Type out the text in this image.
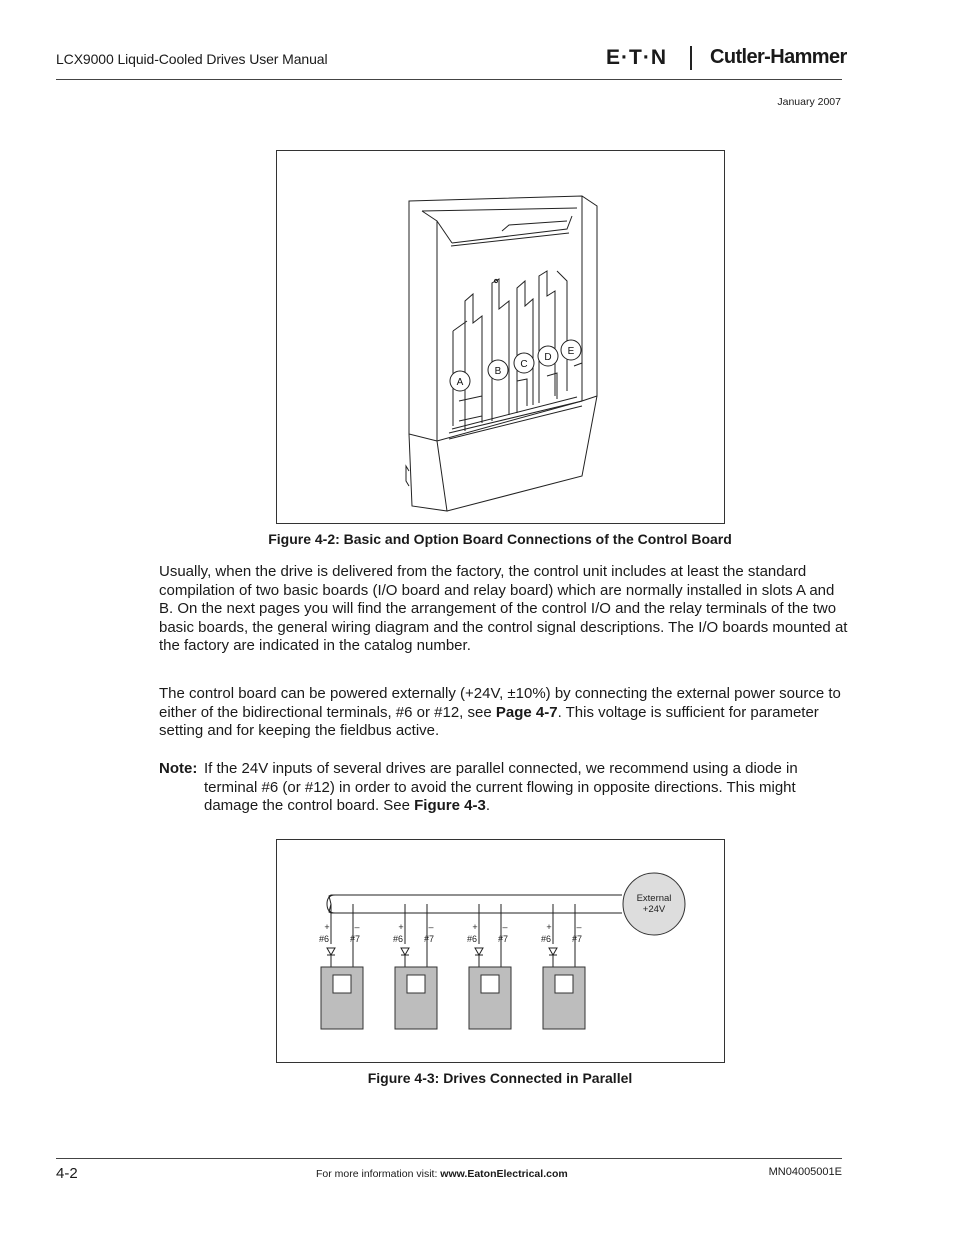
LCX9000 Liquid-Cooled Drives User Manual	E·T·N Cutler-Hammer
January 2007
A
B
C
D
E
Figure 4-2: Basic and Option Board Connections of the Control Board
Usually, when the drive is delivered from the factory, the control unit includes at least the standard compilation of two basic boards (I/O board and relay board) which are normally installed in slots A and B. On the next pages you will find the arrangement of the control I/O and the relay terminals of the two basic boards, the general wiring diagram and the control signal descriptions. The I/O boards mounted at the factory are indicated in the catalog number.
The control board can be powered externally (+24V, ±10%) by connecting the external power source to either of the bidirectional terminals, #6 or #12, see Page 4-7. This voltage is sufficient for parameter setting and for keeping the fieldbus active.
Note: If the 24V inputs of several drives are parallel connected, we recommend using a diode in terminal #6 (or #12) in order to avoid the current flowing in opposite directions. This might damage the control board. See Figure 4-3.
External
+24V
+	–
#6 #7
+	–
#6 #7
+	–
#6 #7
+	–
#6 #7
Figure 4-3: Drives Connected in Parallel
4-2	For more information visit: www.EatonElectrical.com	MN04005001E
